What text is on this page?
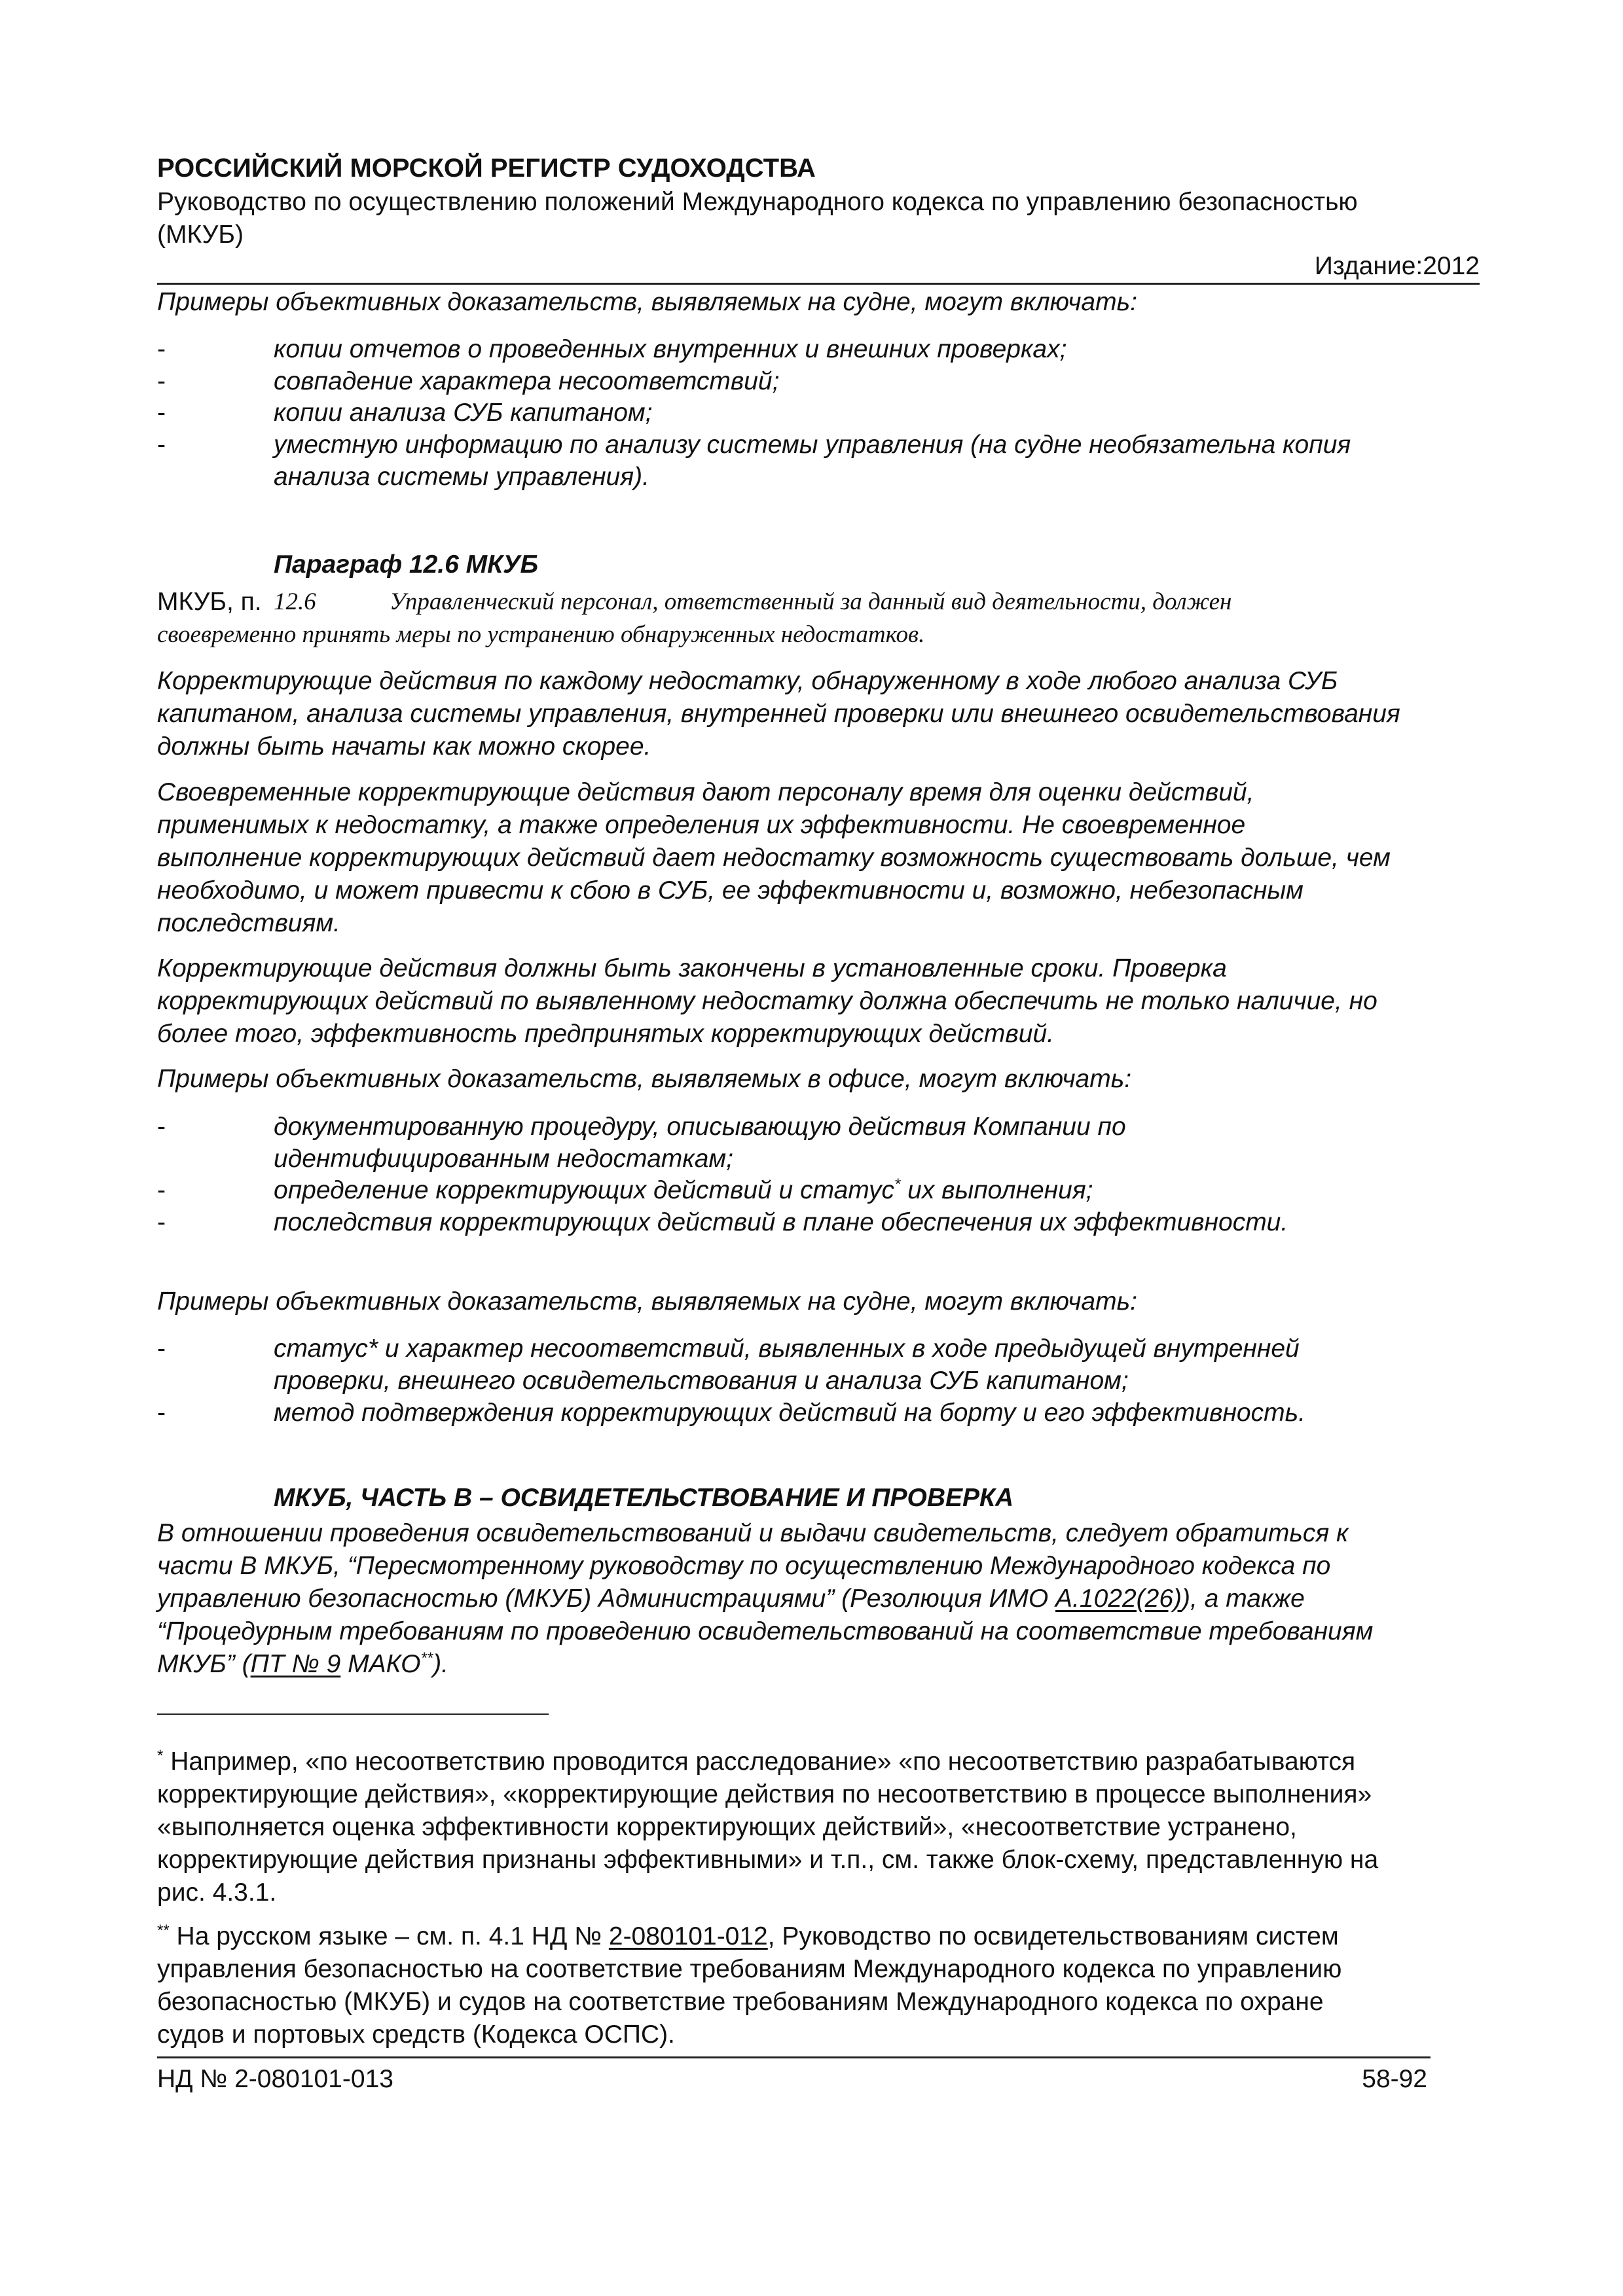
РОССИЙСКИЙ МОРСКОЙ РЕГИСТР СУДОХОДСТВА
Руководство по осуществлению положений Международного кодекса по управлению безопасностью
(МКУБ)
Издание:2012
Примеры объективных доказательств, выявляемых на судне, могут включать:
-	копии отчетов о проведенных внутренних и внешних проверках;
-	совпадение характера несоответствий;
-	копии анализа СУБ капитаном;
-	уместную информацию по анализу системы управления (на судне необязательна копия
анализа системы управления).
Параграф 12.6 МКУБ
МКУБ, п. 12.6	Управленческий персонал, ответственный за данный вид деятельности, должен
своевременно принять меры по устранению обнаруженных недостатков.
Корректирующие действия по каждому недостатку, обнаруженному в ходе любого анализа СУБ
капитаном, анализа системы управления, внутренней проверки или внешнего освидетельствования
должны быть начаты как можно скорее.
Своевременные корректирующие действия дают персоналу время для оценки действий,
применимых к недостатку, а также определения их эффективности. Не своевременное
выполнение корректирующих действий дает недостатку возможность существовать дольше, чем
необходимо, и может привести к сбою в СУБ, ее эффективности и, возможно, небезопасным
последствиям.
Корректирующие действия должны быть закончены в установленные сроки. Проверка
корректирующих действий по выявленному недостатку должна обеспечить не только наличие, но
более того, эффективность предпринятых корректирующих действий.
Примеры объективных доказательств, выявляемых в офисе, могут включать:
-	документированную процедуру, описывающую действия Компании по
идентифицированным недостаткам;
-	определение корректирующих действий и статус* их выполнения;
-	последствия корректирующих действий в плане обеспечения их эффективности.
Примеры объективных доказательств, выявляемых на судне, могут включать:
-	статус* и характер несоответствий, выявленных в ходе предыдущей внутренней
проверки, внешнего освидетельствования и анализа СУБ капитаном;
-	метод подтверждения корректирующих действий на борту и его эффективность.
МКУБ, ЧАСТЬ В – ОСВИДЕТЕЛЬСТВОВАНИЕ И ПРОВЕРКА
В отношении проведения освидетельствований и выдачи свидетельств, следует обратиться к
части В МКУБ, “Пересмотренному руководству по осуществлению Международного кодекса по
управлению безопасностью (МКУБ) Администрациями” (Резолюция ИМО A.1022(26)), а также
“Процедурным требованиям по проведению освидетельствований на соответствие требованиям
МКУБ” (ПТ № 9 МАКО**).
* Например, «по несоответствию проводится расследование» «по несоответствию разрабатываются
корректирующие действия», «корректирующие действия по несоответствию в процессе выполнения»
«выполняется оценка эффективности корректирующих действий», «несоответствие устранено,
корректирующие действия признаны эффективными» и т.п., см. также блок-схему, представленную на
рис. 4.3.1.
** На русском языке – см. п. 4.1 НД № 2-080101-012, Руководство по освидетельствованиям систем
управления безопасностью на соответствие требованиям Международного кодекса по управлению
безопасностью (МКУБ) и судов на соответствие требованиям Международного кодекса по охране
судов и портовых средств (Кодекса ОСПС).
НД № 2-080101-013	58-92
